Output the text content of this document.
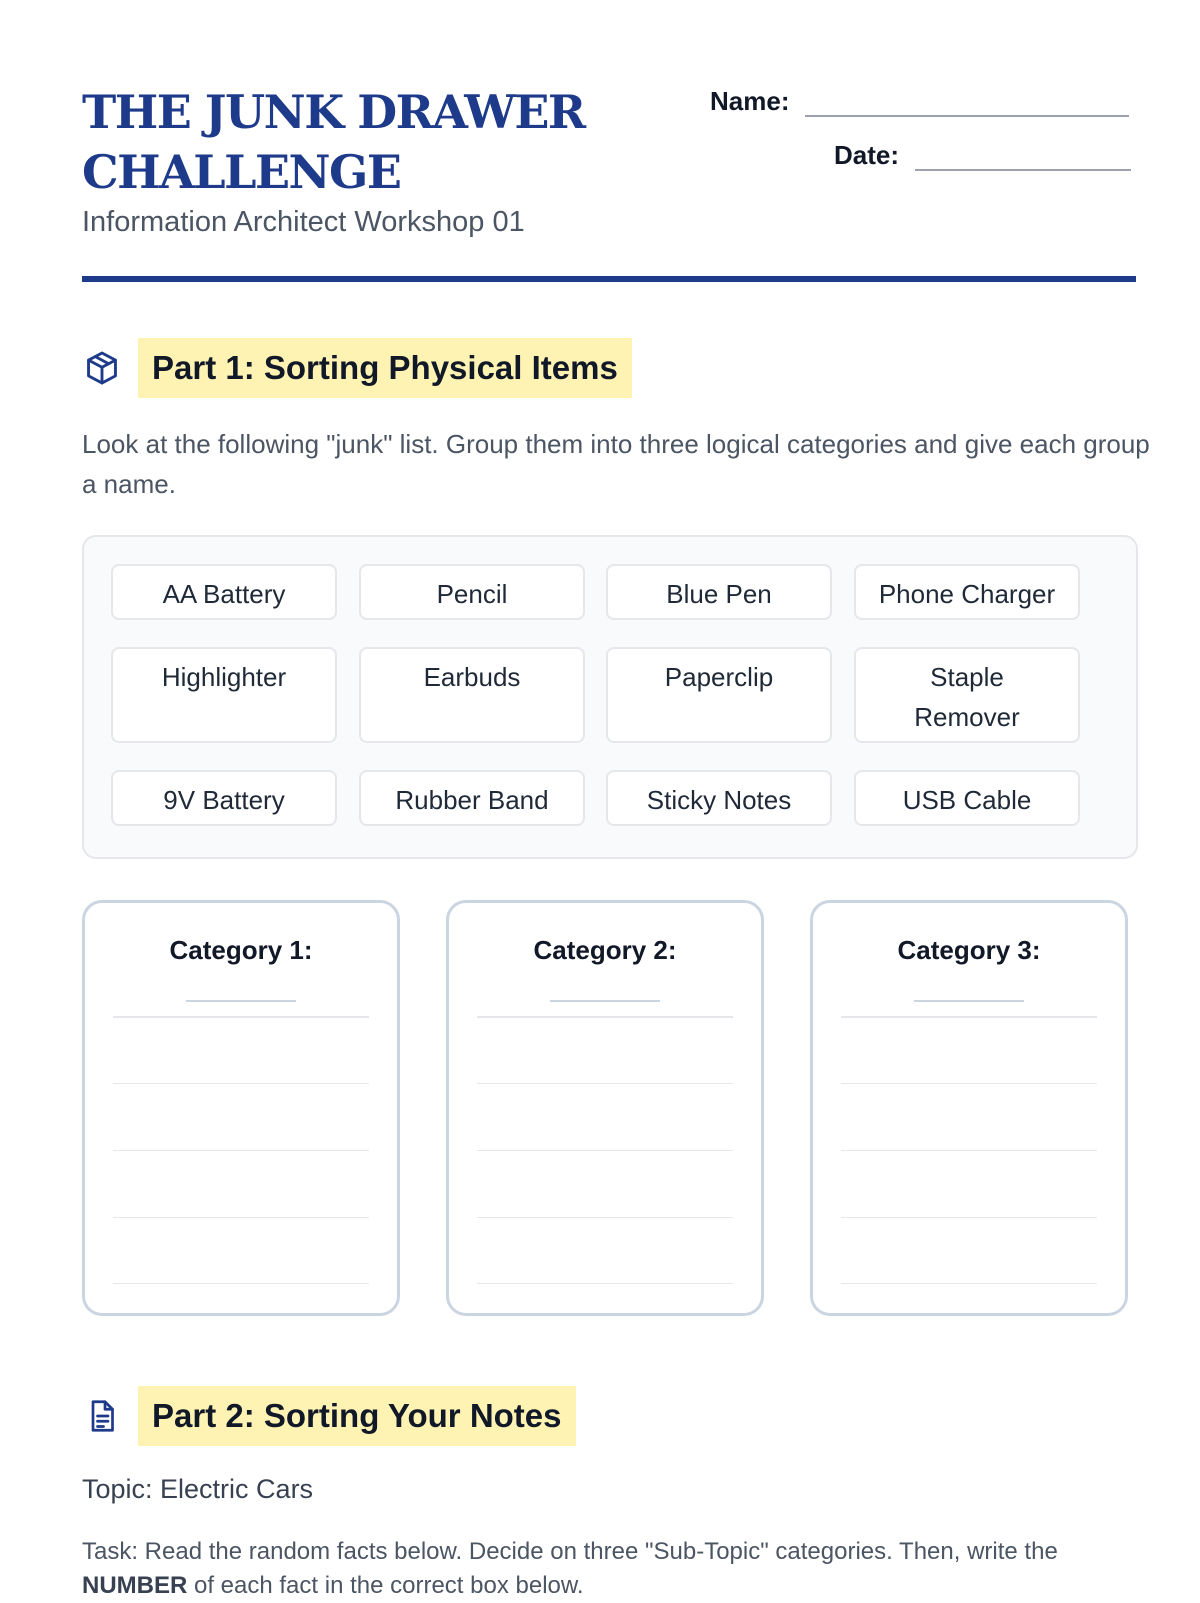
THE JUNK DRAWER CHALLENGE

Information Architect Workshop 01

Name:
Date:
Part 1: Sorting Physical Items

Look at the following "junk" list. Group them into three logical categories and give each group a name.

AA Battery	Pencil	Blue Pen	Phone Charger
Highlighter	Earbuds	Paperclip	Staple Remover
9V Battery	Rubber Band	Sticky Notes	USB Cable
Category 1:	Category 2:	Category 3:
Part 2: Sorting Your Notes

Topic: Electric Cars

Task: Read the random facts below. Decide on three "Sub-Topic" categories. Then, write the NUMBER of each fact in the correct box below.
